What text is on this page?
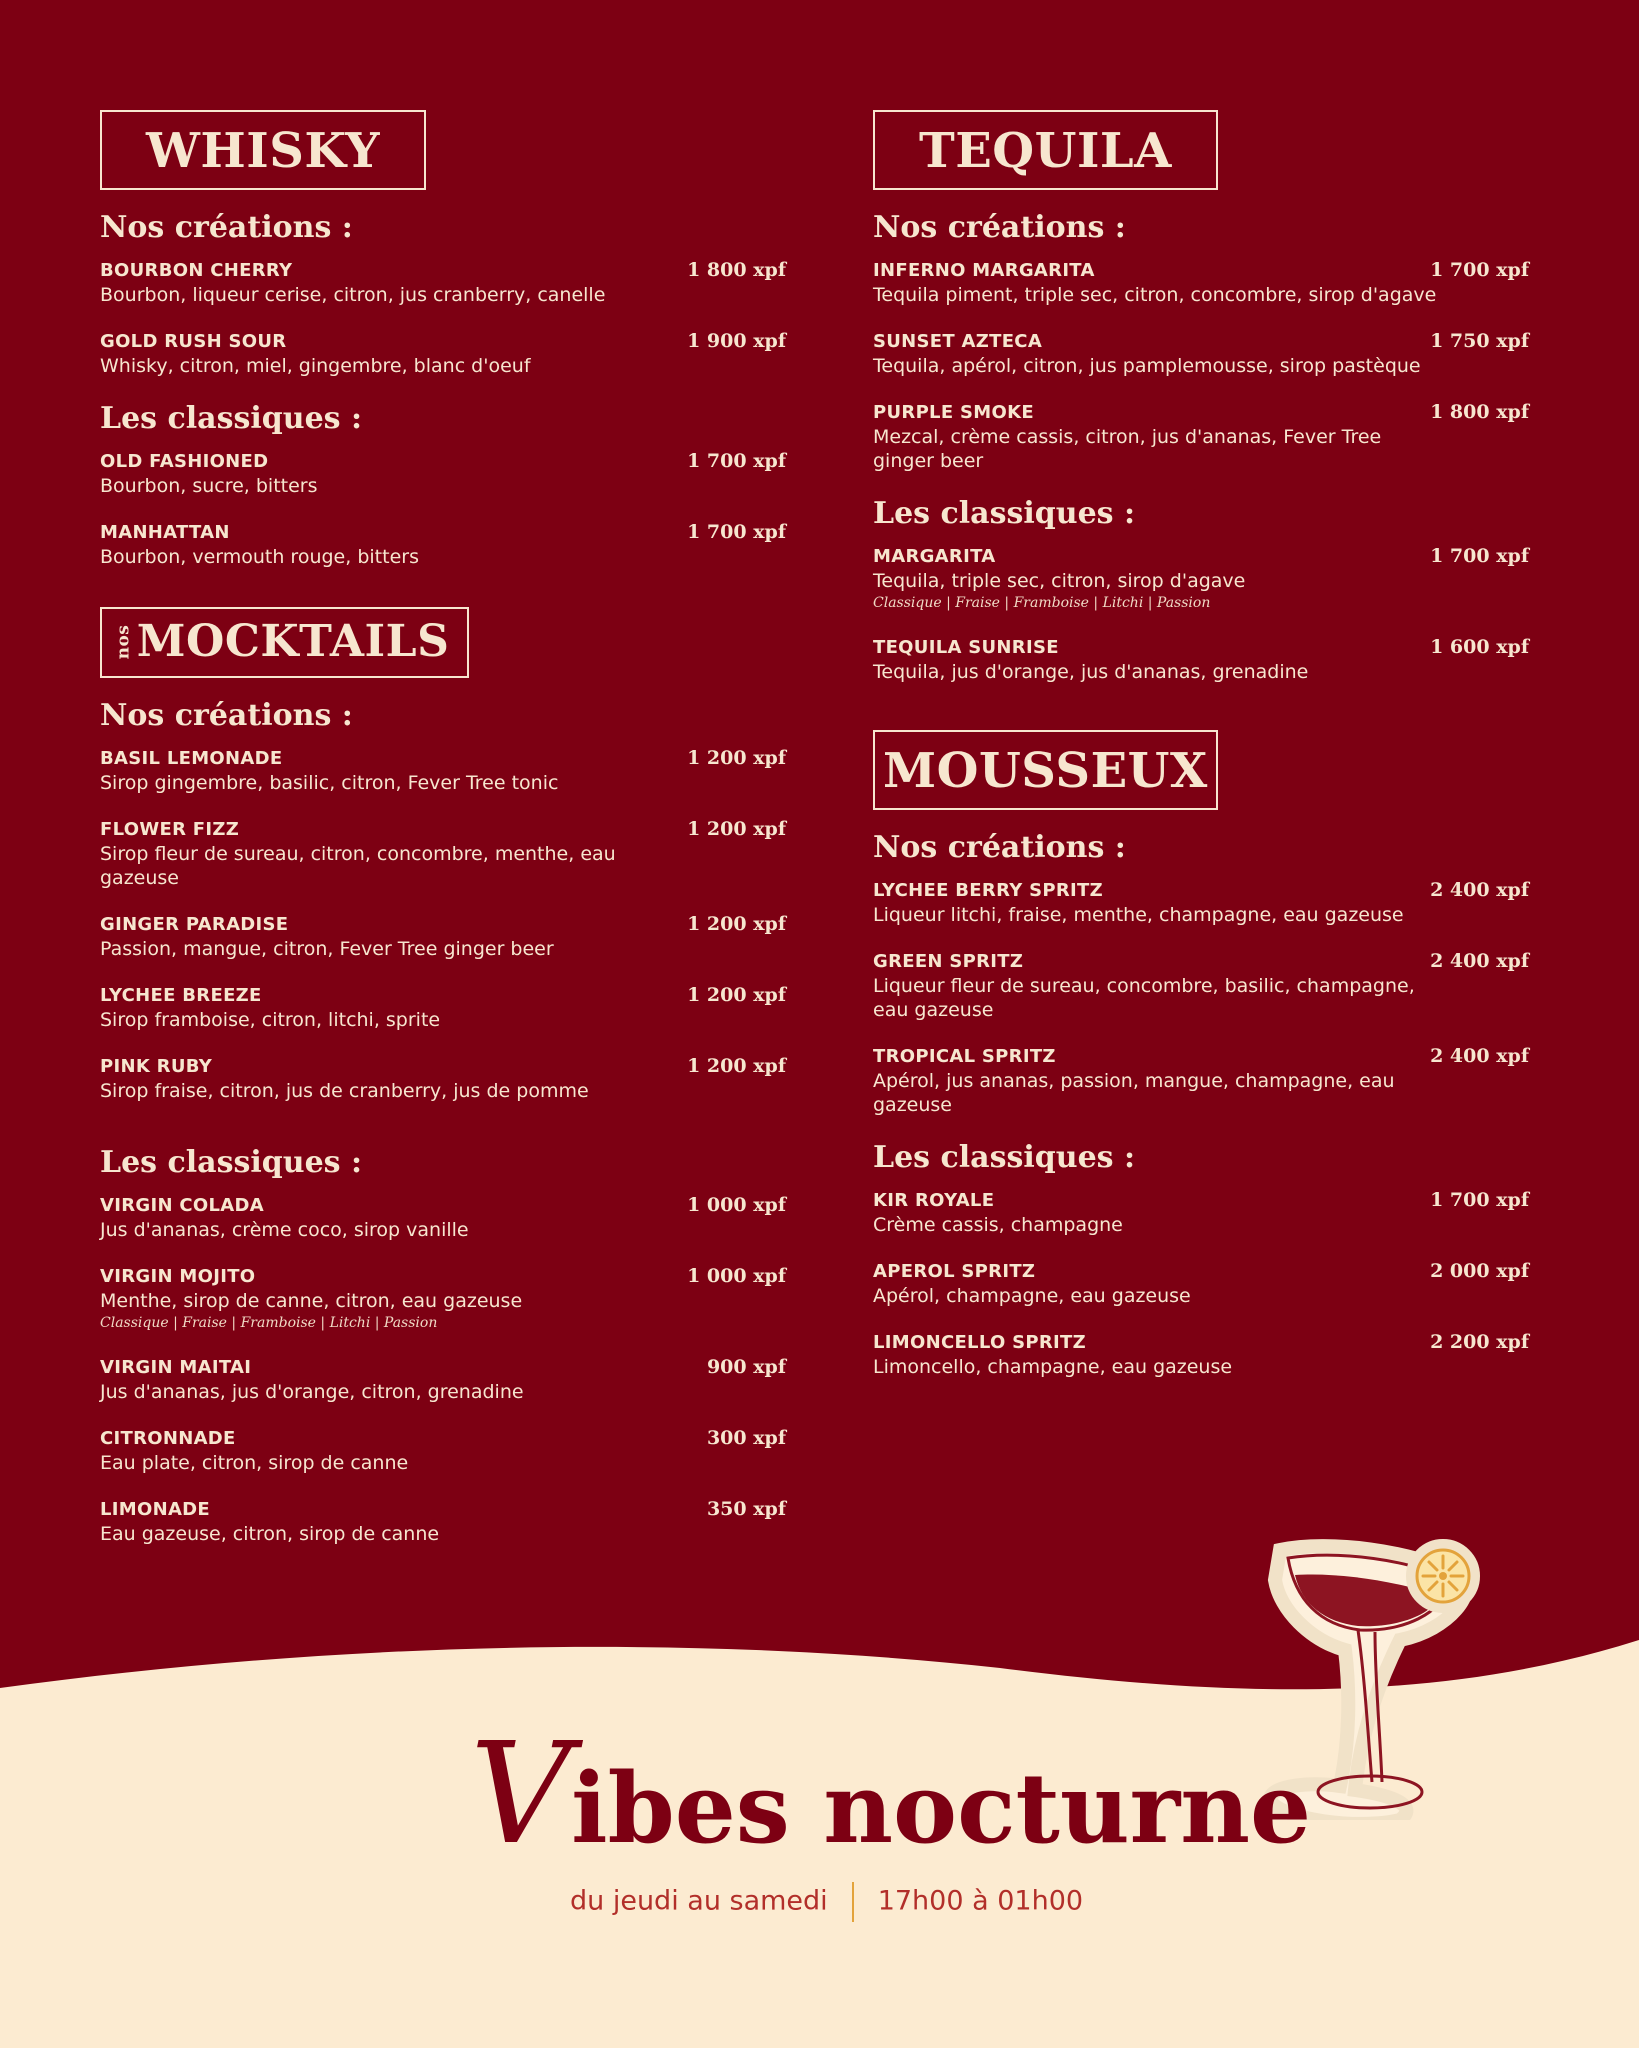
WHISKY
Nos créations :
BOURBON CHERRY
Bourbon, liqueur cerise, citron, jus cranberry, canelle
1 800 xpf
GOLD RUSH SOUR
Whisky, citron, miel, gingembre, blanc d'oeuf
1 900 xpf
Les classiques :
OLD FASHIONED
Bourbon, sucre, bitters
1 700 xpf
MANHATTAN
Bourbon, vermouth rouge, bitters
1 700 xpf
nosMOCKTAILS
Nos créations :
BASIL LEMONADE
Sirop gingembre, basilic, citron, Fever Tree tonic
1 200 xpf
FLOWER FIZZ
Sirop fleur de sureau, citron, concombre, menthe, eau gazeuse
1 200 xpf
GINGER PARADISE
Passion, mangue, citron, Fever Tree ginger beer
1 200 xpf
LYCHEE BREEZE
Sirop framboise, citron, litchi, sprite
1 200 xpf
PINK RUBY
Sirop fraise, citron, jus de cranberry, jus de pomme
1 200 xpf
Les classiques :
VIRGIN COLADA
Jus d'ananas, crème coco, sirop vanille
1 000 xpf
VIRGIN MOJITO
Menthe, sirop de canne, citron, eau gazeuse
Classique | Fraise | Framboise | Litchi | Passion
1 000 xpf
VIRGIN MAITAI
Jus d'ananas, jus d'orange, citron, grenadine
900 xpf
CITRONNADE
Eau plate, citron, sirop de canne
300 xpf
LIMONADE
Eau gazeuse, citron, sirop de canne
350 xpf
TEQUILA
Nos créations :
INFERNO MARGARITA
Tequila piment, triple sec, citron, concombre, sirop d'agave
1 700 xpf
SUNSET AZTECA
Tequila, apérol, citron, jus pamplemousse, sirop pastèque
1 750 xpf
PURPLE SMOKE
Mezcal, crème cassis, citron, jus d'ananas, Fever Tree ginger beer
1 800 xpf
Les classiques :
MARGARITA
Tequila, triple sec, citron, sirop d'agave
Classique | Fraise | Framboise | Litchi | Passion
1 700 xpf
TEQUILA SUNRISE
Tequila, jus d'orange, jus d'ananas, grenadine
1 600 xpf
MOUSSEUX
Nos créations :
LYCHEE BERRY SPRITZ
Liqueur litchi, fraise, menthe, champagne, eau gazeuse
2 400 xpf
GREEN SPRITZ
Liqueur fleur de sureau, concombre, basilic, champagne, eau gazeuse
2 400 xpf
TROPICAL SPRITZ
Apérol, jus ananas, passion, mangue, champagne, eau gazeuse
2 400 xpf
Les classiques :
KIR ROYALE
Crème cassis, champagne
1 700 xpf
APEROL SPRITZ
Apérol, champagne, eau gazeuse
2 000 xpf
LIMONCELLO SPRITZ
Limoncello, champagne, eau gazeuse
2 200 xpf
Vibes nocturne
du jeudi au samedi 17h00 à 01h00
